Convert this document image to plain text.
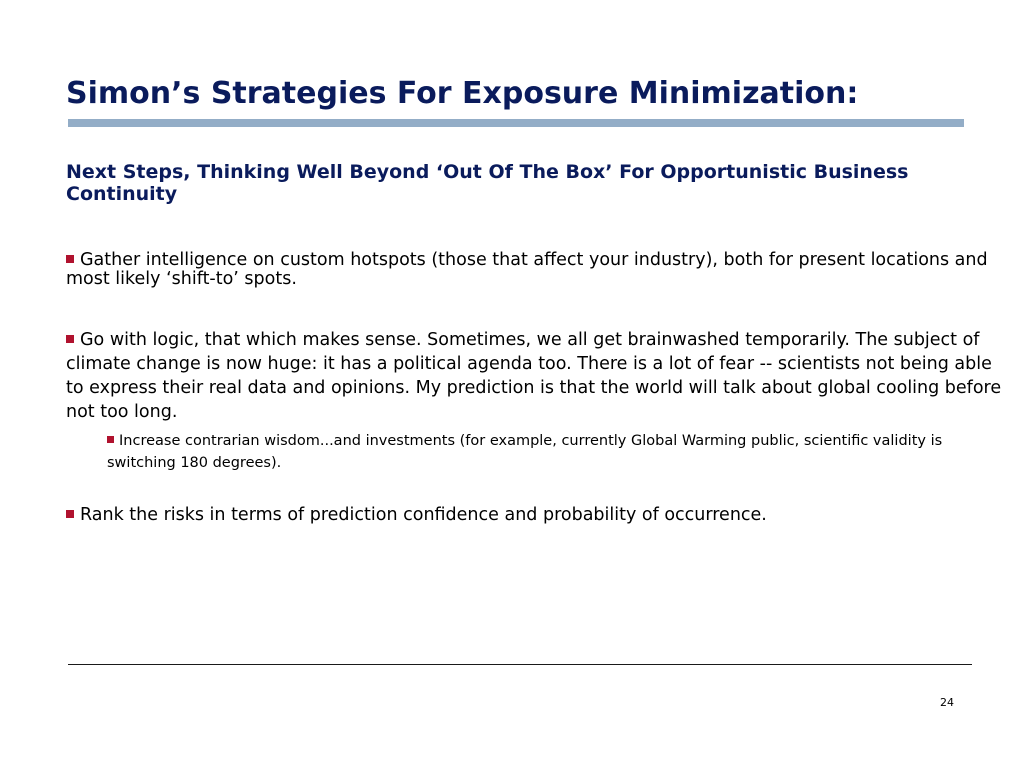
Simon’s Strategies For Exposure Minimization:

Next Steps, Thinking Well Beyond ‘Out Of The Box’ For Opportunistic Business Continuity

Gather intelligence on custom hotspots (those that affect your industry), both for present locations and most likely ‘shift-to’ spots.

Go with logic, that which makes sense. Sometimes, we all get brainwashed temporarily. The subject of climate change is now huge: it has a political agenda too. There is a lot of fear -- scientists not being able to express their real data and opinions. My prediction is that the world will talk about global cooling before not too long.

Increase contrarian wisdom...and investments (for example, currently Global Warming public, scientific validity is switching 180 degrees).

Rank the risks in terms of prediction confidence and probability of occurrence.

24
